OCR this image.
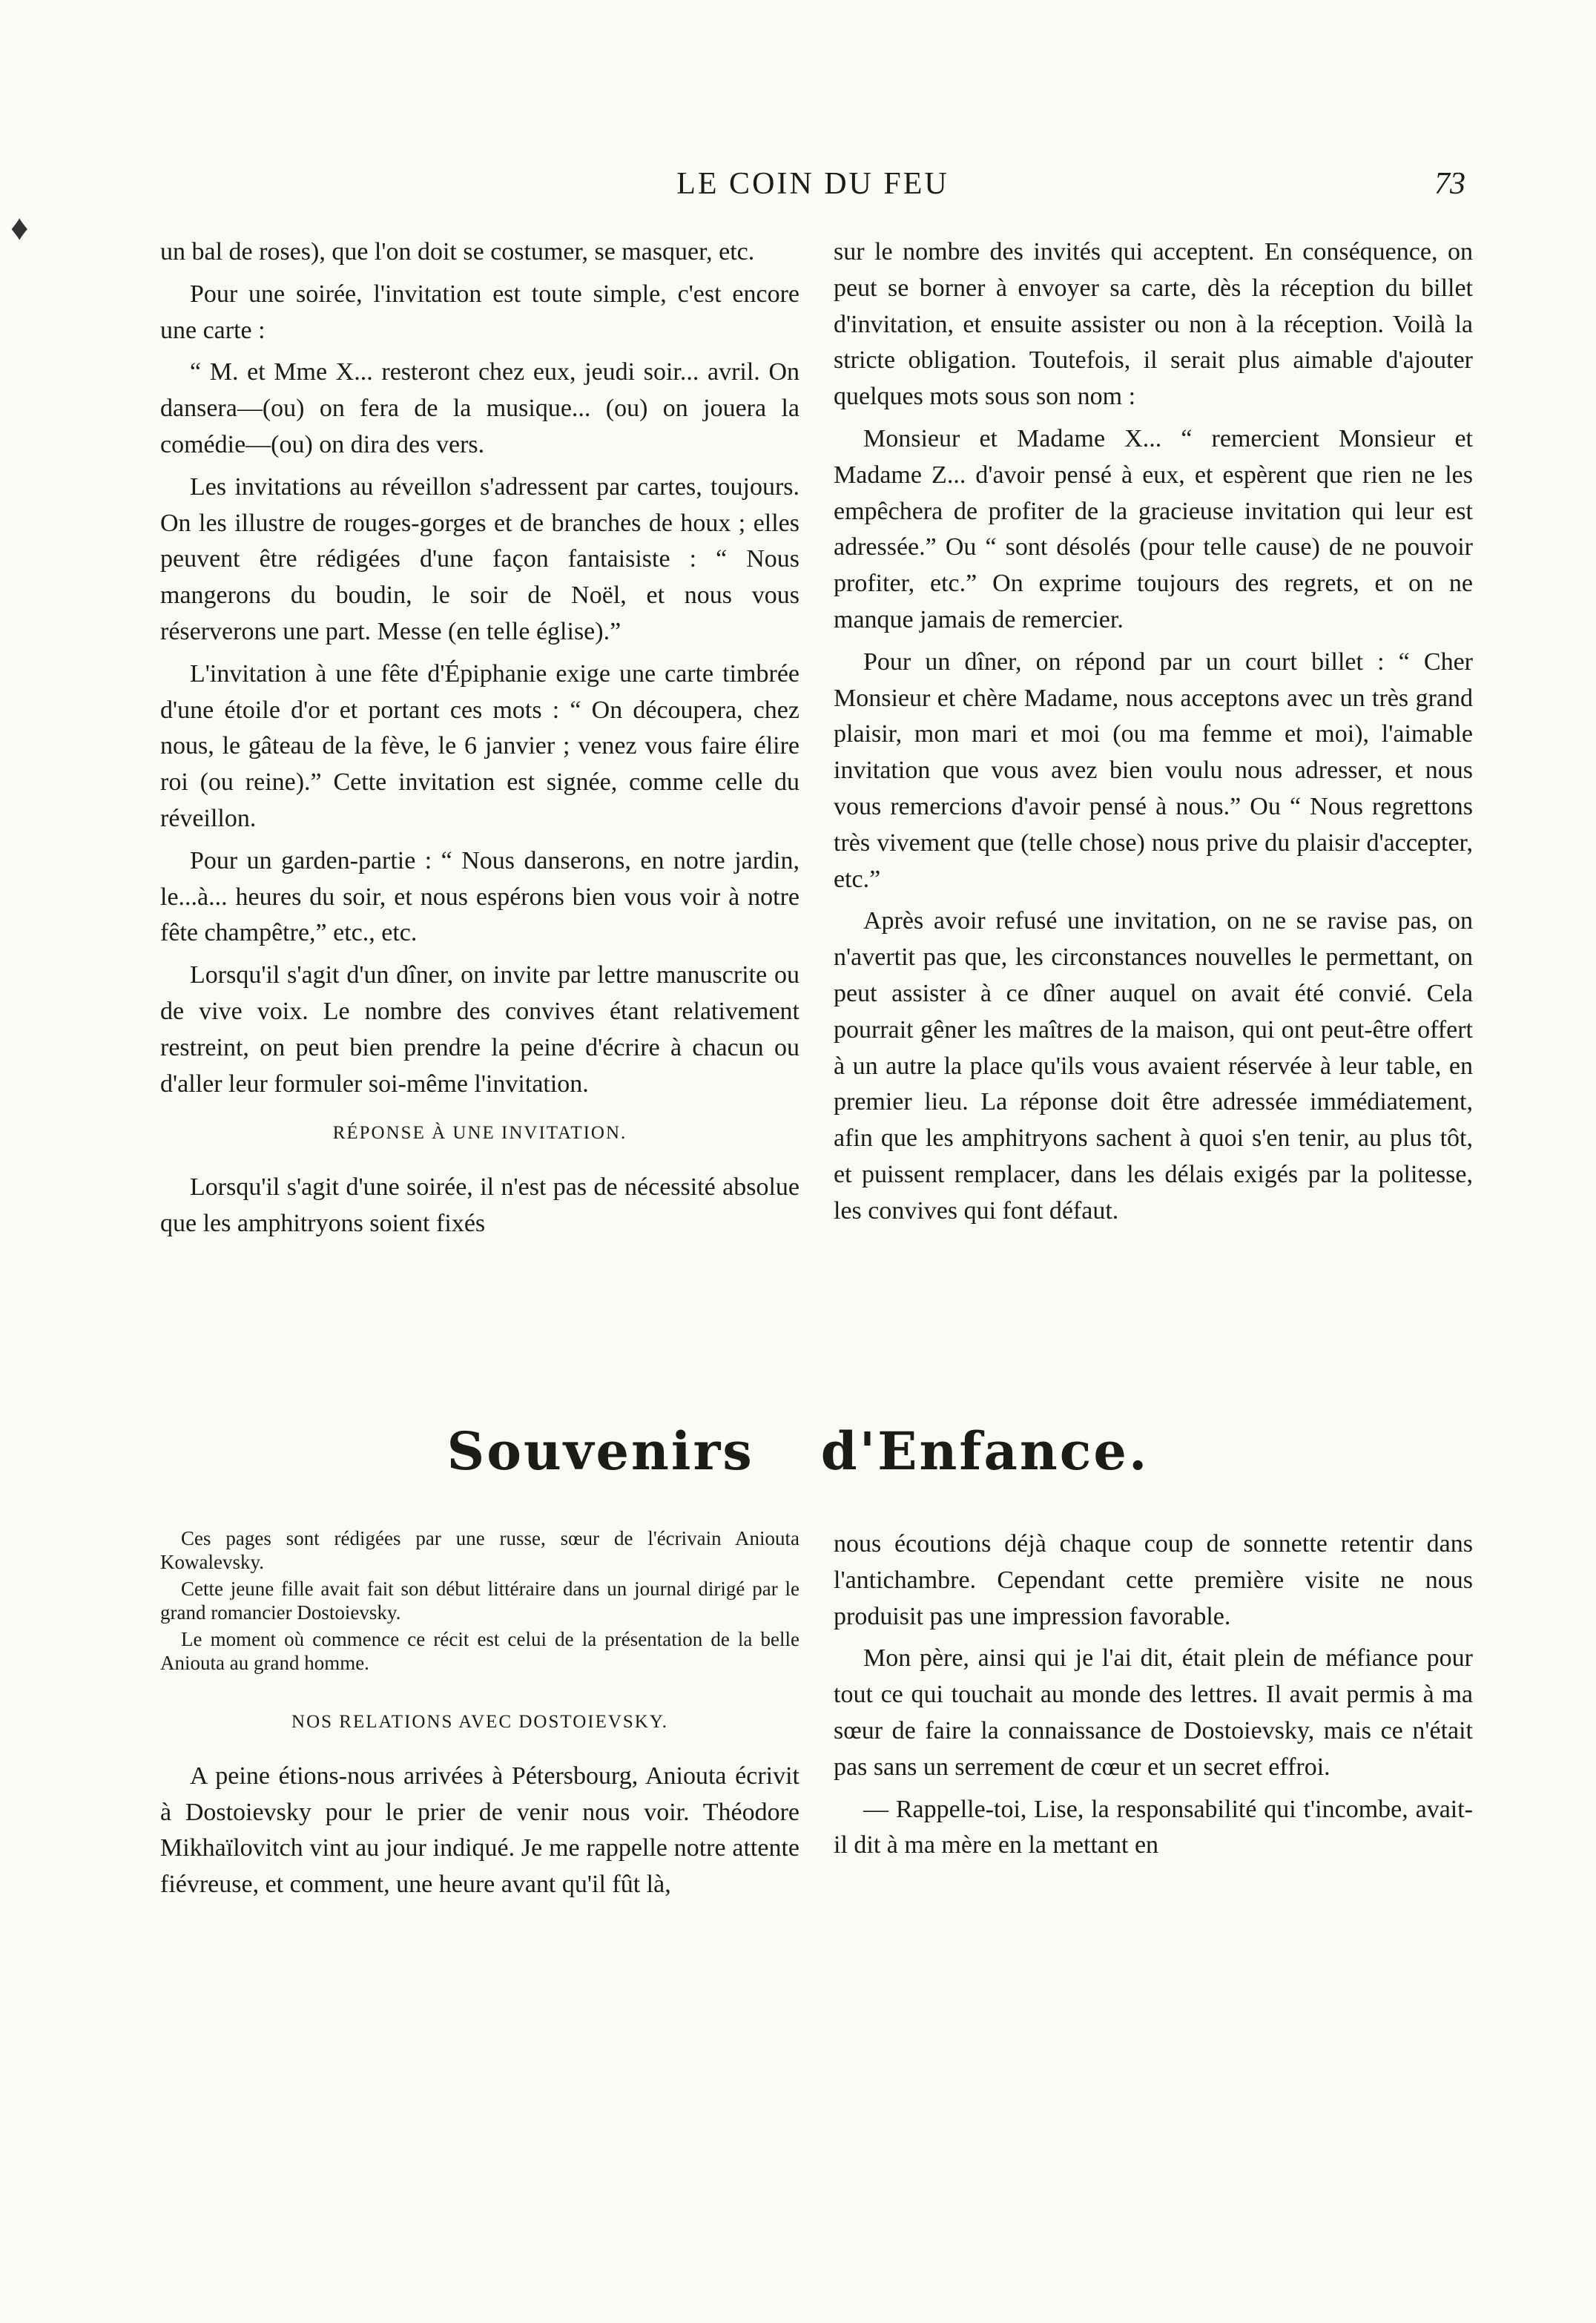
LE COIN DU FEU	73

un bal de roses), que l'on doit se costumer, se masquer, etc.

Pour une soirée, l'invitation est toute simple, c'est encore une carte :

“ M. et Mme X... resteront chez eux, jeudi soir... avril. On dansera—(ou) on fera de la musique... (ou) on jouera la comédie—(ou) on dira des vers.

Les invitations au réveillon s'adressent par cartes, toujours. On les illustre de rouges-gorges et de branches de houx ; elles peuvent être rédigées d'une façon fantaisiste : “ Nous mangerons du boudin, le soir de Noël, et nous vous réserverons une part. Messe (en telle église).”

L'invitation à une fête d'Épiphanie exige une carte timbrée d'une étoile d'or et portant ces mots : “ On découpera, chez nous, le gâteau de la fève, le 6 janvier ; venez vous faire élire roi (ou reine).” Cette invitation est signée, comme celle du réveillon.

Pour un garden-partie : “ Nous danserons, en notre jardin, le...à... heures du soir, et nous espérons bien vous voir à notre fête champêtre,” etc., etc.

Lorsqu'il s'agit d'un dîner, on invite par lettre manuscrite ou de vive voix. Le nombre des convives étant relativement restreint, on peut bien prendre la peine d'écrire à chacun ou d'aller leur formuler soi-même l'invitation.

RÉPONSE À UNE INVITATION.

Lorsqu'il s'agit d'une soirée, il n'est pas de nécessité absolue que les amphitryons soient fixés

sur le nombre des invités qui acceptent. En conséquence, on peut se borner à envoyer sa carte, dès la réception du billet d'invitation, et ensuite assister ou non à la réception. Voilà la stricte obligation. Toutefois, il serait plus aimable d'ajouter quelques mots sous son nom :

Monsieur et Madame X... “ remercient Monsieur et Madame Z... d'avoir pensé à eux, et espèrent que rien ne les empêchera de profiter de la gracieuse invitation qui leur est adressée.” Ou “ sont désolés (pour telle cause) de ne pouvoir profiter, etc.” On exprime toujours des regrets, et on ne manque jamais de remercier.

Pour un dîner, on répond par un court billet : “ Cher Monsieur et chère Madame, nous acceptons avec un très grand plaisir, mon mari et moi (ou ma femme et moi), l'aimable invitation que vous avez bien voulu nous adresser, et nous vous remercions d'avoir pensé à nous.” Ou “ Nous regrettons très vivement que (telle chose) nous prive du plaisir d'accepter, etc.”

Après avoir refusé une invitation, on ne se ravise pas, on n'avertit pas que, les circonstances nouvelles le permettant, on peut assister à ce dîner auquel on avait été convié. Cela pourrait gêner les maîtres de la maison, qui ont peut-être offert à un autre la place qu'ils vous avaient réservée à leur table, en premier lieu. La réponse doit être adressée immédiatement, afin que les amphitryons sachent à quoi s'en tenir, au plus tôt, et puissent remplacer, dans les délais exigés par la politesse, les convives qui font défaut.

Souvenirs d'Enfance.

Ces pages sont rédigées par une russe, sœur de l'écrivain Aniouta Kowalevsky.

Cette jeune fille avait fait son début littéraire dans un journal dirigé par le grand romancier Dostoievsky.

Le moment où commence ce récit est celui de la présentation de la belle Aniouta au grand homme.

NOS RELATIONS AVEC DOSTOIEVSKY.

A peine étions-nous arrivées à Pétersbourg, Aniouta écrivit à Dostoievsky pour le prier de venir nous voir. Théodore Mikhaïlovitch vint au jour indiqué. Je me rappelle notre attente fiévreuse, et comment, une heure avant qu'il fût là,

nous écoutions déjà chaque coup de sonnette retentir dans l'antichambre. Cependant cette première visite ne nous produisit pas une impression favorable.

Mon père, ainsi qui je l'ai dit, était plein de méfiance pour tout ce qui touchait au monde des lettres. Il avait permis à ma sœur de faire la connaissance de Dostoievsky, mais ce n'était pas sans un serrement de cœur et un secret effroi.

— Rappelle-toi, Lise, la responsabilité qui t'incombe, avait-il dit à ma mère en la mettant en

♦
